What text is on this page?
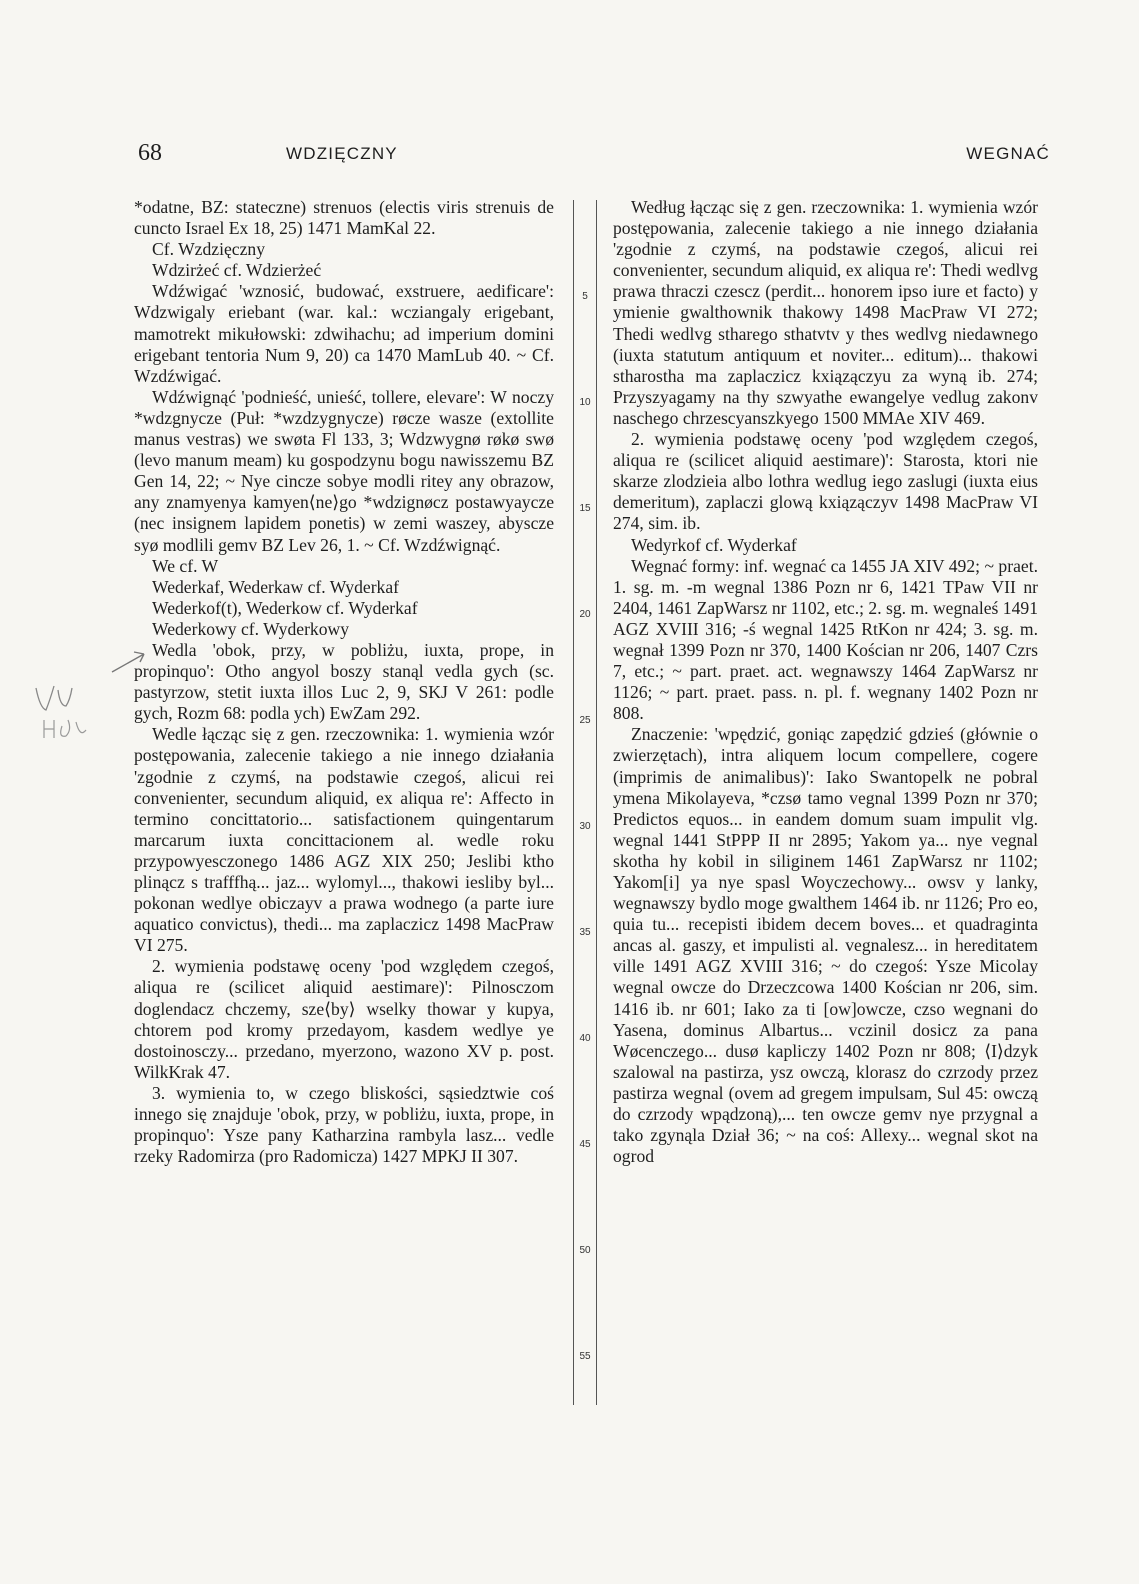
68	WDZIĘCZNY	WEGNAĆ
5
10
15
20
25
30
35
40
45
50
55

*odatne, BZ: stateczne) strenuos (electis viris strenuis de cuncto Israel Ex 18, 25) 1471 MamKal 22.

Cf. Wzdzięczny

Wdzirżeć cf. Wdzierżeć

Wdźwigać 'wznosić, budować, exstruere, aedificare': Wdzwigaly eriebant (war. kal.: wcziangaly erigebant, mamotrekt mikułowski: zdwihachu; ad imperium domini erigebant tentoria Num 9, 20) ca 1470 MamLub 40. ~ Cf. Wzdźwigać.

Wdźwignąć 'podnieść, unieść, tollere, elevare': W noczy *wdzgnycze (Puł: *wzdzygnycze) røcze wasze (extollite manus vestras) we swøta Fl 133, 3; Wdzwygnø røkø swø (levo manum meam) ku gospodzynu bogu nawisszemu BZ Gen 14, 22; ~ Nye cincze sobye modli ritey any obrazow, any znamyenya kamyen⟨ne⟩go *wdzignøcz postawyaycze (nec insignem lapidem ponetis) w zemi waszey, abyscze syø modlili gemv BZ Lev 26, 1. ~ Cf. Wzdźwignąć.

We cf. W

Wederkaf, Wederkaw cf. Wyderkaf

Wederkof(t), Wederkow cf. Wyderkaf

Wederkowy cf. Wyderkowy

Wedla 'obok, przy, w pobliżu, iuxta, prope, in propinquo': Otho angyol boszy stanąl vedla gych (sc. pastyrzow, stetit iuxta illos Luc 2, 9, SKJ V 261: podle gych, Rozm 68: podla ych) EwZam 292.

Wedle łącząc się z gen. rzeczownika: 1. wymienia wzór postępowania, zalecenie takiego a nie innego działania 'zgodnie z czymś, na podstawie czegoś, alicui rei convenienter, secundum aliquid, ex aliqua re': Affecto in termino concittatorio... satisfactionem quingentarum marcarum iuxta concittacionem al. wedle roku przypowyesczonego 1486 AGZ XIX 250; Jeslibi ktho plinącz s trafffhą... jaz... wylomyl..., thakowi iesliby byl... pokonan wedlye obiczayv a prawa wodnego (a parte iure aquatico convictus), thedi... ma zaplaczicz 1498 MacPraw VI 275.

2. wymienia podstawę oceny 'pod względem czegoś, aliqua re (scilicet aliquid aestimare)': Pilnosczom doglendacz chczemy, sze⟨by⟩ wselky thowar y kupya, chtorem pod kromy przedayom, kasdem wedlye ye dostoinosczy... przedano, myerzono, wazono XV p. post. WilkKrak 47.

3. wymienia to, w czego bliskości, sąsiedztwie coś innego się znajduje 'obok, przy, w pobliżu, iuxta, prope, in propinquo': Ysze pany Katharzina rambyla lasz... vedle rzeky Radomirza (pro Radomicza) 1427 MPKJ II 307.

Według łącząc się z gen. rzeczownika: 1. wymienia wzór postępowania, zalecenie takiego a nie innego działania 'zgodnie z czymś, na podstawie czegoś, alicui rei convenienter, secundum aliquid, ex aliqua re': Thedi wedlvg prawa thraczi czescz (perdit... honorem ipso iure et facto) y ymienie gwalthownik thakowy 1498 MacPraw VI 272; Thedi wedlvg stharego sthatvtv y thes wedlvg niedawnego (iuxta statutum antiquum et noviter... editum)... thakowi stharostha ma zaplaczicz kxiązączyu za wyną ib. 274; Przyszyagamy na thy szwyathe ewangelye vedlug zakonv naschego chrzescyanszkyego 1500 MMAe XIV 469.

2. wymienia podstawę oceny 'pod względem czegoś, aliqua re (scilicet aliquid aestimare)': Starosta, ktori nie skarze zlodzieia albo lothra wedlug iego zaslugi (iuxta eius demeritum), zaplaczi glową kxiązączyv 1498 MacPraw VI 274, sim. ib.

Wedyrkof cf. Wyderkaf

Wegnać formy: inf. wegnać ca 1455 JA XIV 492; ~ praet. 1. sg. m. -m wegnal 1386 Pozn nr 6, 1421 TPaw VII nr 2404, 1461 ZapWarsz nr 1102, etc.; 2. sg. m. wegnaleś 1491 AGZ XVIII 316; -ś wegnal 1425 RtKon nr 424; 3. sg. m. wegnał 1399 Pozn nr 370, 1400 Kościan nr 206, 1407 Czrs 7, etc.; ~ part. praet. act. wegnawszy 1464 ZapWarsz nr 1126; ~ part. praet. pass. n. pl. f. wegnany 1402 Pozn nr 808.

Znaczenie: 'wpędzić, goniąc zapędzić gdzieś (głównie o zwierzętach), intra aliquem locum compellere, cogere (imprimis de animalibus)': Iako Swantopelk ne pobral ymena Mikolayeva, *czsø tamo vegnal 1399 Pozn nr 370; Predictos equos... in eandem domum suam impulit vlg. wegnal 1441 StPPP II nr 2895; Yakom ya... nye vegnal skotha hy kobil in siliginem 1461 ZapWarsz nr 1102; Yakom[i] ya nye spasl Woyczechowy... owsv y lanky, wegnawszy bydlo moge gwalthem 1464 ib. nr 1126; Pro eo, quia tu... recepisti ibidem decem boves... et quadraginta ancas al. gaszy, et impulisti al. vegnalesz... in hereditatem ville 1491 AGZ XVIII 316; ~ do czegoś: Ysze Micolay wegnal owcze do Drzeczcowa 1400 Kościan nr 206, sim. 1416 ib. nr 601; Iako za ti [ow]owcze, czso wegnani do Yasena, dominus Albartus... vczinil dosicz za pana Wøcenczego... dusø kapliczy 1402 Pozn nr 808; ⟨I⟩dzyk szalowal na pastirza, ysz owczą, klorasz do czrzody przez pastirza wegnal (ovem ad gregem impulsam, Sul 45: owczą do czrzody wpądzoną),... ten owcze gemv nye przygnal a tako zgynąla Dział 36; ~ na coś: Allexy... wegnal skot na ogrod
